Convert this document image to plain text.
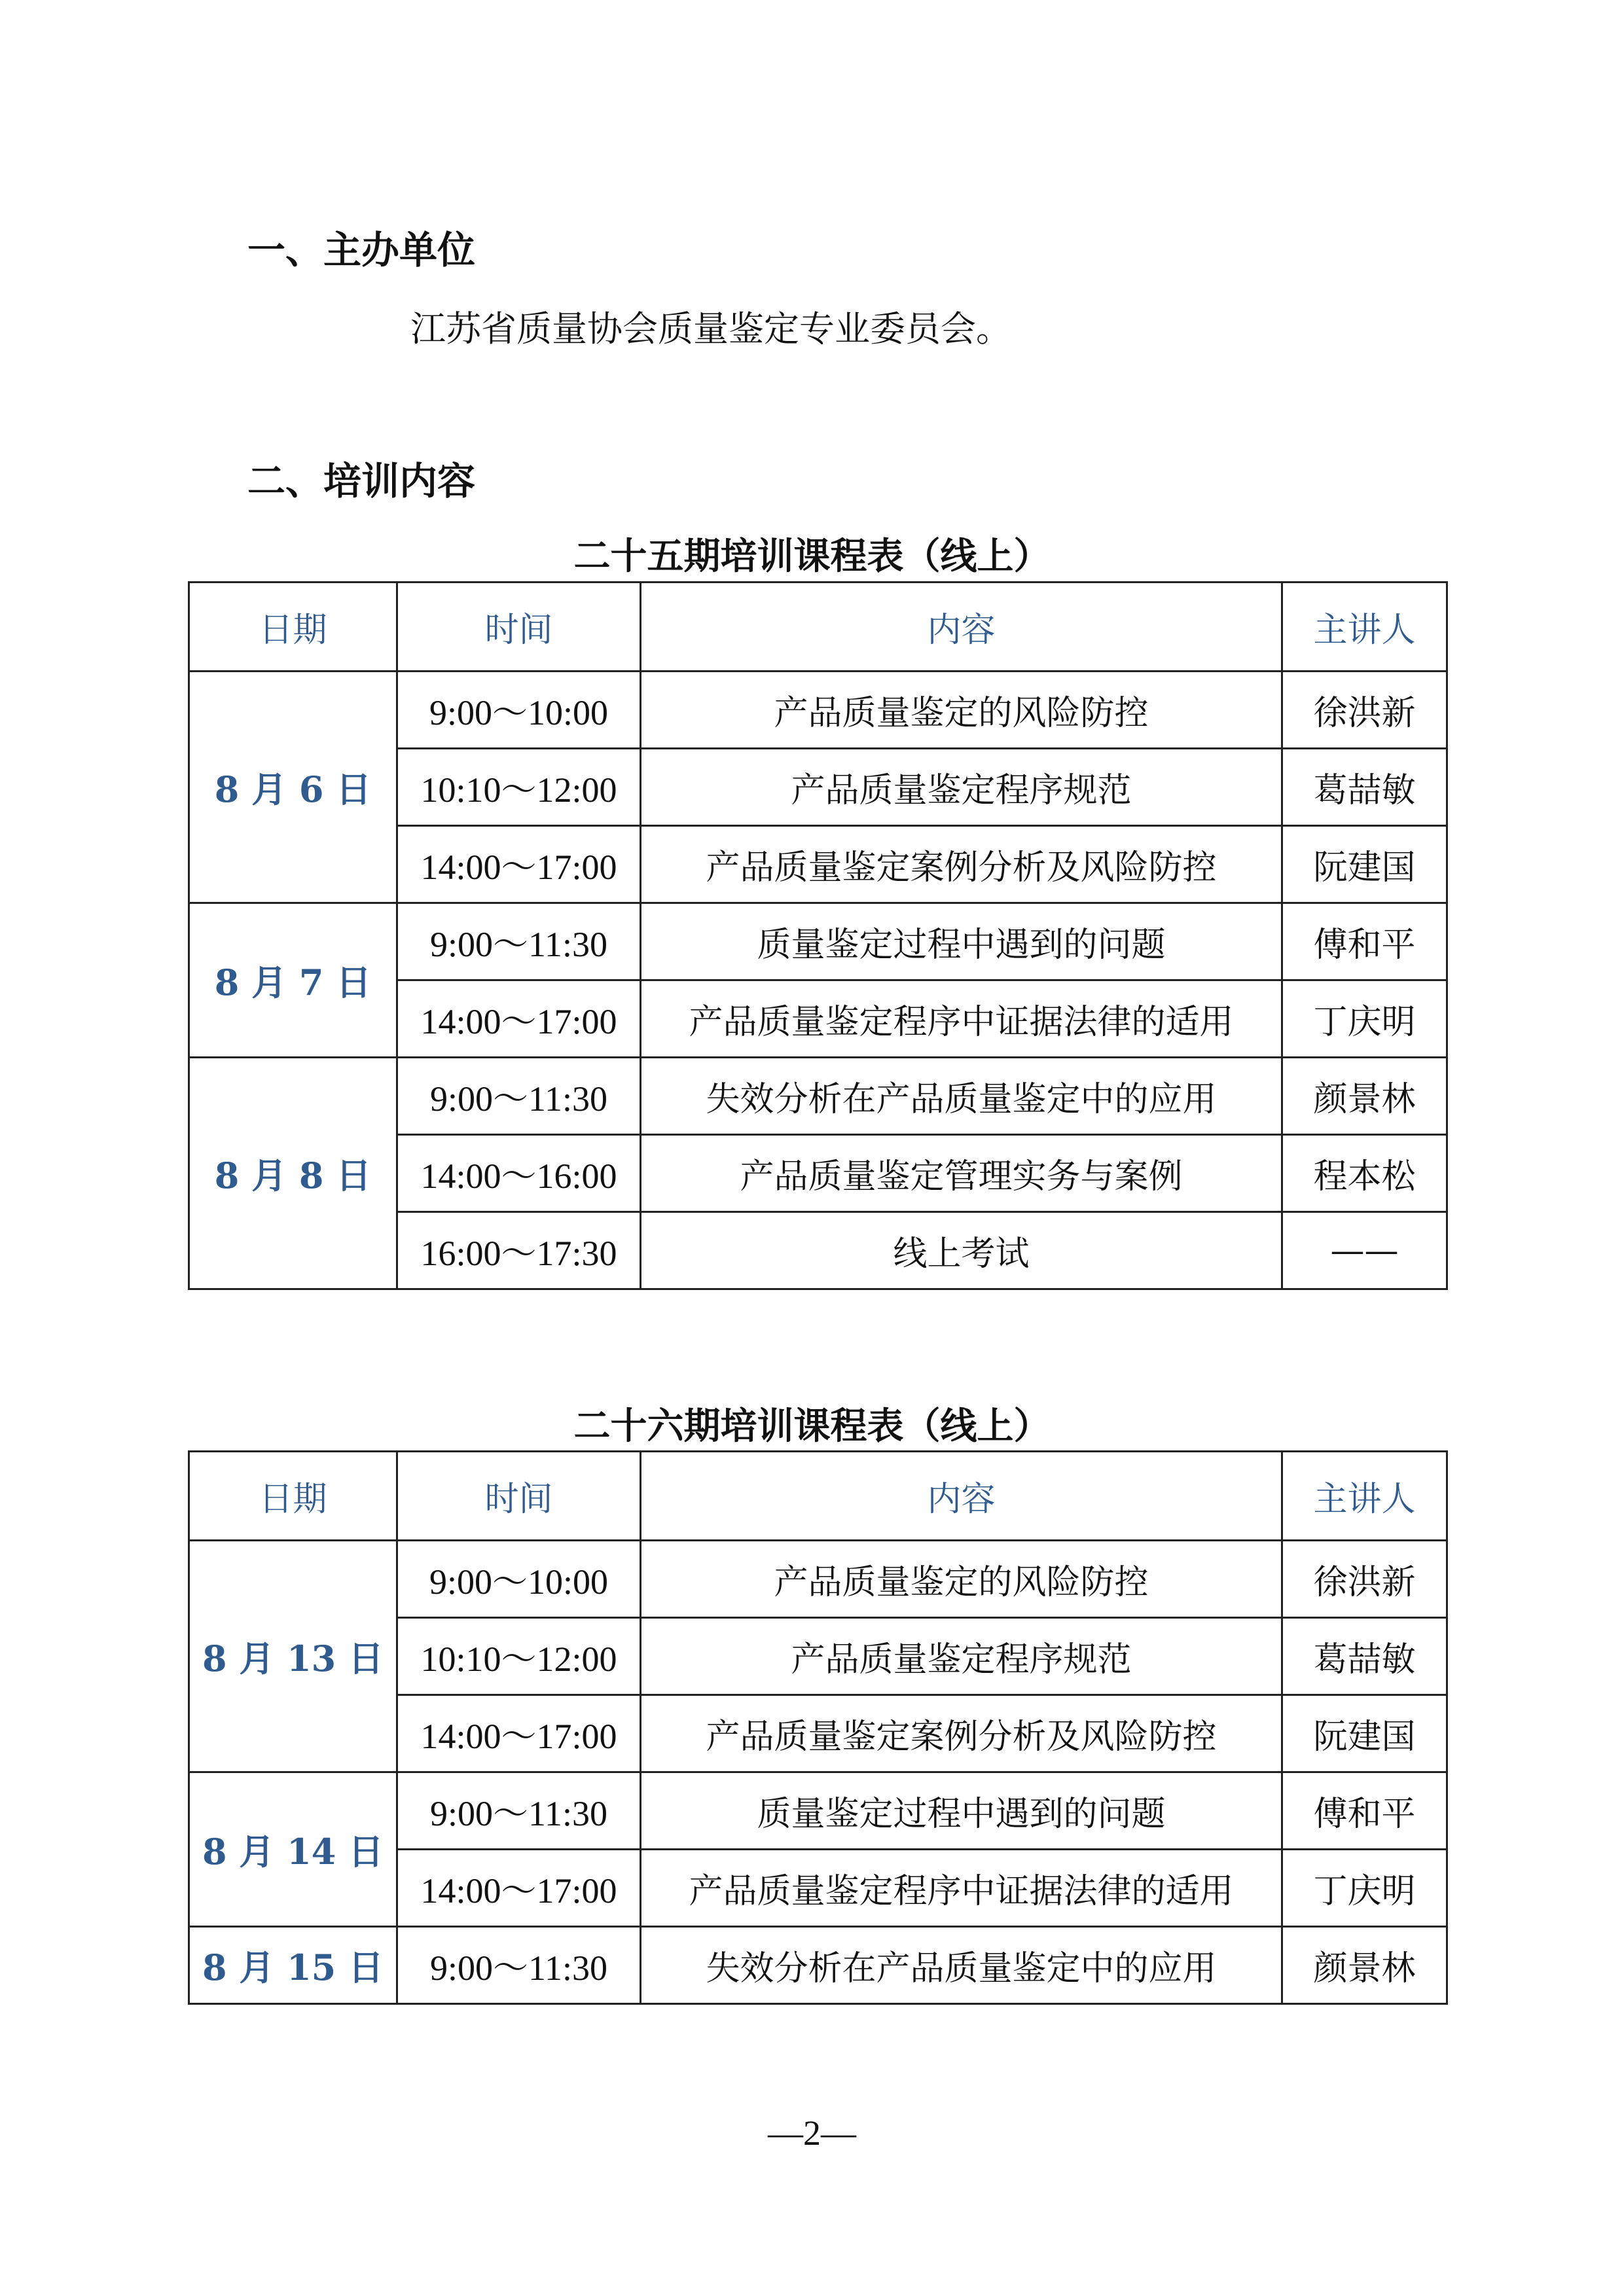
一、主办单位

江苏省质量协会质量鉴定专业委员会。

二、培训内容
二十五期培训课程表（线上）
日期	时间	内容	主讲人
8 月 6 日	9:00～10:00	产品质量鉴定的风险防控	徐洪新
	10:10～12:00	产品质量鉴定程序规范	葛喆敏
	14:00～17:00	产品质量鉴定案例分析及风险防控	阮建国
8 月 7 日	9:00～11:30	质量鉴定过程中遇到的问题	傅和平
	14:00～17:00	产品质量鉴定程序中证据法律的适用	丁庆明
8 月 8 日	9:00～11:30	失效分析在产品质量鉴定中的应用	颜景林
	14:00～16:00	产品质量鉴定管理实务与案例	程本松
	16:00～17:30	线上考试	——
二十六期培训课程表（线上）
日期	时间	内容	主讲人
8 月 13 日	9:00～10:00	产品质量鉴定的风险防控	徐洪新
	10:10～12:00	产品质量鉴定程序规范	葛喆敏
	14:00～17:00	产品质量鉴定案例分析及风险防控	阮建国
8 月 14 日	9:00～11:30	质量鉴定过程中遇到的问题	傅和平
	14:00～17:00	产品质量鉴定程序中证据法律的适用	丁庆明
8 月 15 日	9:00～11:30	失效分析在产品质量鉴定中的应用	颜景林

—2—
